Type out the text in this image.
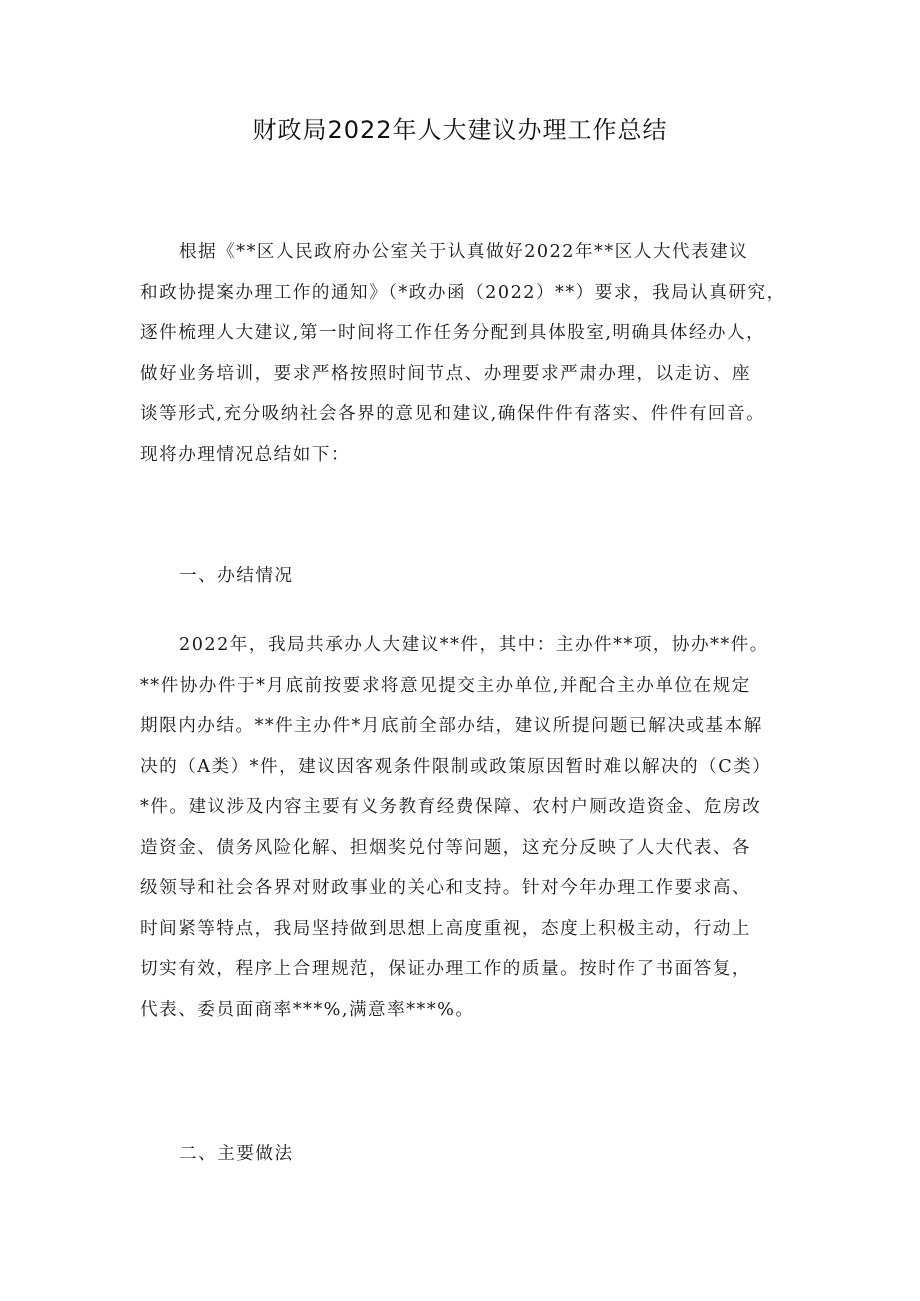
财政局2022年人大建议办理工作总结
根据《**区人民政府办公室关于认真做好2022年**区人大代表建议
和政协提案办理工作的通知》（*政办函（2022）**）要求，我局认真研究，
逐件梳理人大建议,第一时间将工作任务分配到具体股室,明确具体经办人，
做好业务培训，要求严格按照时间节点、办理要求严肃办理，以走访、座
谈等形式,充分吸纳社会各界的意见和建议,确保件件有落实、件件有回音。
现将办理情况总结如下：
一、办结情况
2022年，我局共承办人大建议**件，其中：主办件**项，协办**件。
**件协办件于*月底前按要求将意见提交主办单位,并配合主办单位在规定
期限内办结。**件主办件*月底前全部办结，建议所提问题已解决或基本解
决的（A类）*件，建议因客观条件限制或政策原因暂时难以解决的（C类）
*件。建议涉及内容主要有义务教育经费保障、农村户厕改造资金、危房改
造资金、债务风险化解、担烟奖兑付等问题，这充分反映了人大代表、各
级领导和社会各界对财政事业的关心和支持。针对今年办理工作要求高、
时间紧等特点，我局坚持做到思想上高度重视，态度上积极主动，行动上
切实有效，程序上合理规范，保证办理工作的质量。按时作了书面答复，
代表、委员面商率***%,满意率***%。
二、主要做法
